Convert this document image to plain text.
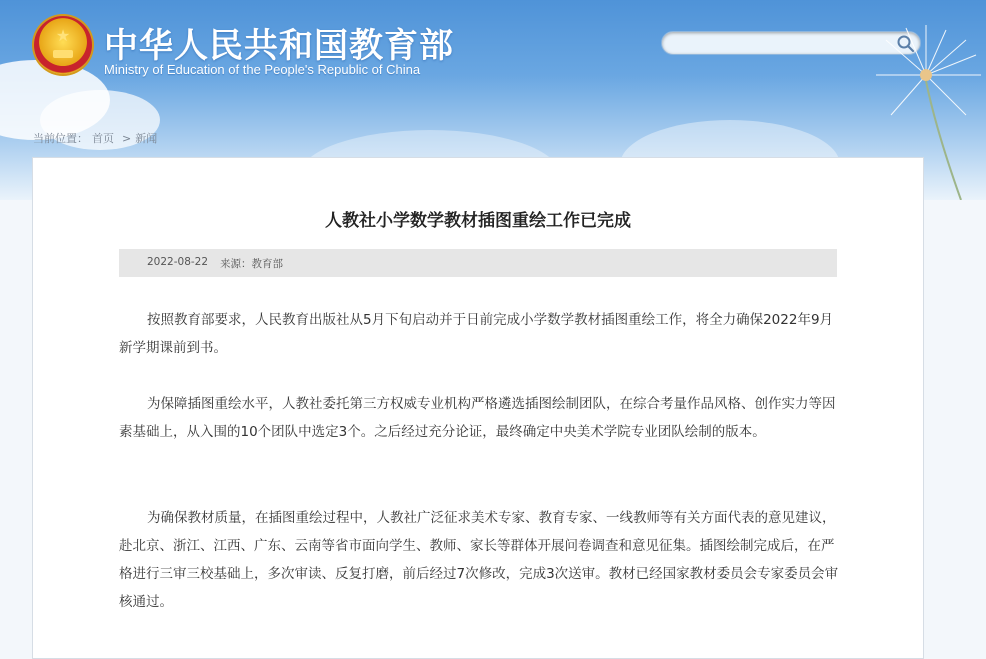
★ 中华人民共和国教育部
Ministry of Education of the People's Republic of China
当前位置： 首页 > 新闻
人教社小学数学教材插图重绘工作已完成
2022-08-22 来源：教育部

按照教育部要求，人民教育出版社从5月下旬启动并于日前完成小学数学教材插图重绘工作，将全力确保2022年9月新学期课前到书。

为保障插图重绘水平，人教社委托第三方权威专业机构严格遴选插图绘制团队，在综合考量作品风格、创作实力等因素基础上，从入围的10个团队中选定3个。之后经过充分论证，最终确定中央美术学院专业团队绘制的版本。

为确保教材质量，在插图重绘过程中，人教社广泛征求美术专家、教育专家、一线教师等有关方面代表的意见建议，赴北京、浙江、江西、广东、云南等省市面向学生、教师、家长等群体开展问卷调查和意见征集。插图绘制完成后，在严格进行三审三校基础上，多次审读、反复打磨，前后经过7次修改，完成3次送审。教材已经国家教材委员会专家委员会审核通过。
